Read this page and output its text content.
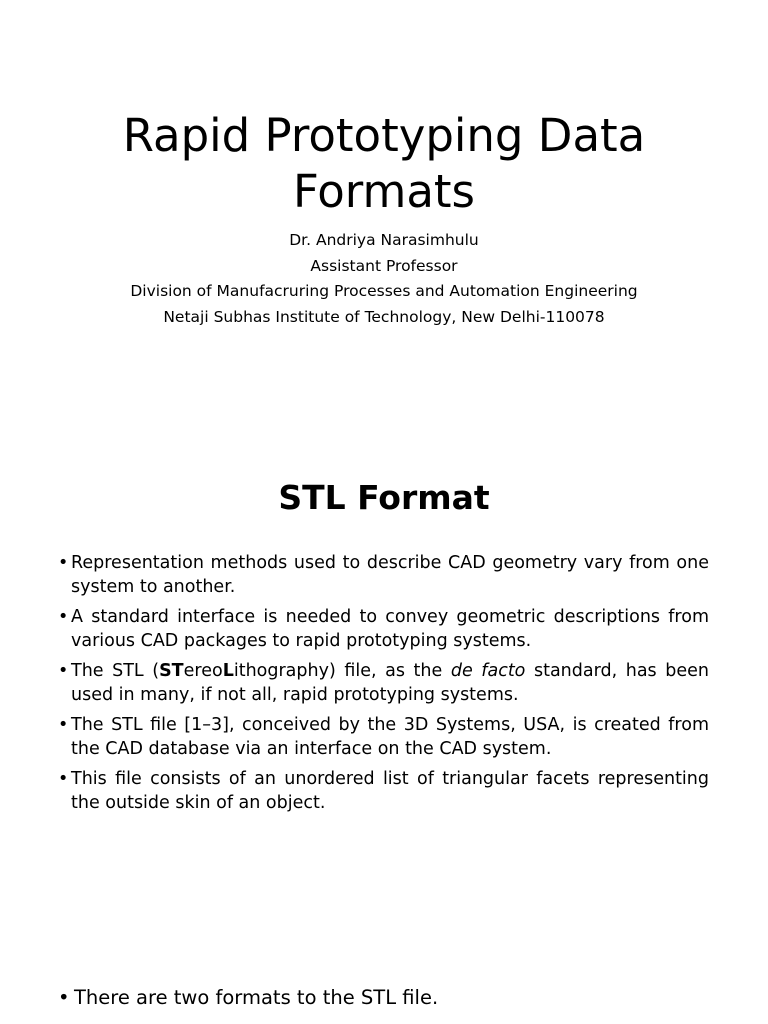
Rapid Prototyping Data
Formats
Dr. Andriya Narasimhulu
Assistant Professor
Division of Manufacruring Processes and Automation Engineering
Netaji Subhas Institute of Technology, New Delhi-110078
STL Format
• Representation methods used to describe CAD geometry vary from one system to another.
• A standard interface is needed to convey geometric descriptions from various CAD packages to rapid prototyping systems.
• The STL (STereoLithography) file, as the de facto standard, has been used in many, if not all, rapid prototyping systems.
• The STL file [1–3], conceived by the 3D Systems, USA, is created from the CAD database via an interface on the CAD system.
• This file consists of an unordered list of triangular facets representing the outside skin of an object.
• There are two formats to the STL file.
